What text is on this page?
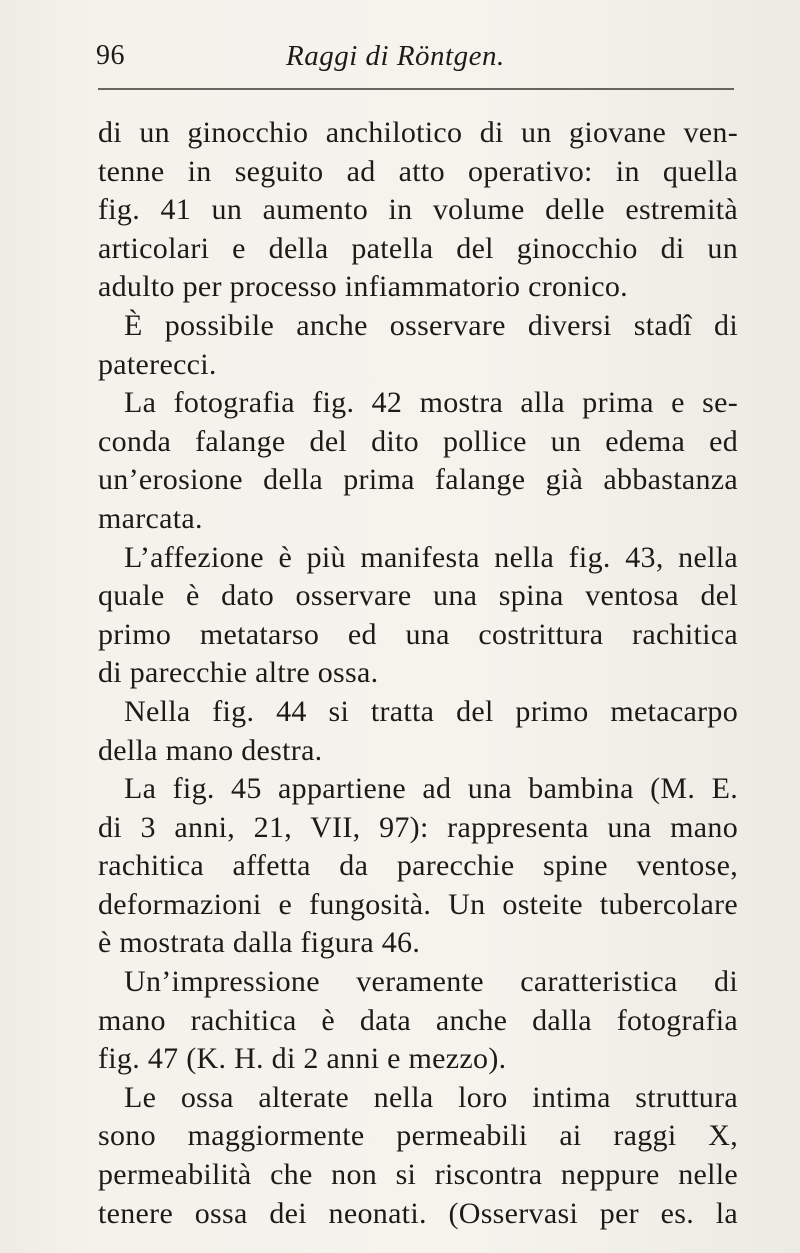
96	Raggi di Röntgen.
di un ginocchio anchilotico di un giovane ven-
tenne in seguito ad atto operativo: in quella
fig. 41 un aumento in volume delle estremità
articolari e della patella del ginocchio di un
adulto per processo infiammatorio cronico.
È possibile anche osservare diversi stadî di
paterecci.
La fotografia fig. 42 mostra alla prima e se-
conda falange del dito pollice un edema ed
un’erosione della prima falange già abbastanza
marcata.
L’affezione è più manifesta nella fig. 43, nella
quale è dato osservare una spina ventosa del
primo metatarso ed una costrittura rachitica
di parecchie altre ossa.
Nella fig. 44 si tratta del primo metacarpo
della mano destra.
La fig. 45 appartiene ad una bambina (M. E.
di 3 anni, 21, VII, 97): rappresenta una mano
rachitica affetta da parecchie spine ventose,
deformazioni e fungosità. Un osteite tubercolare
è mostrata dalla figura 46.
Un’impressione veramente caratteristica di
mano rachitica è data anche dalla fotografia
fig. 47 (K. H. di 2 anni e mezzo).
Le ossa alterate nella loro intima struttura
sono maggiormente permeabili ai raggi X,
permeabilità che non si riscontra neppure nelle
tenere ossa dei neonati. (Osservasi per es. la
